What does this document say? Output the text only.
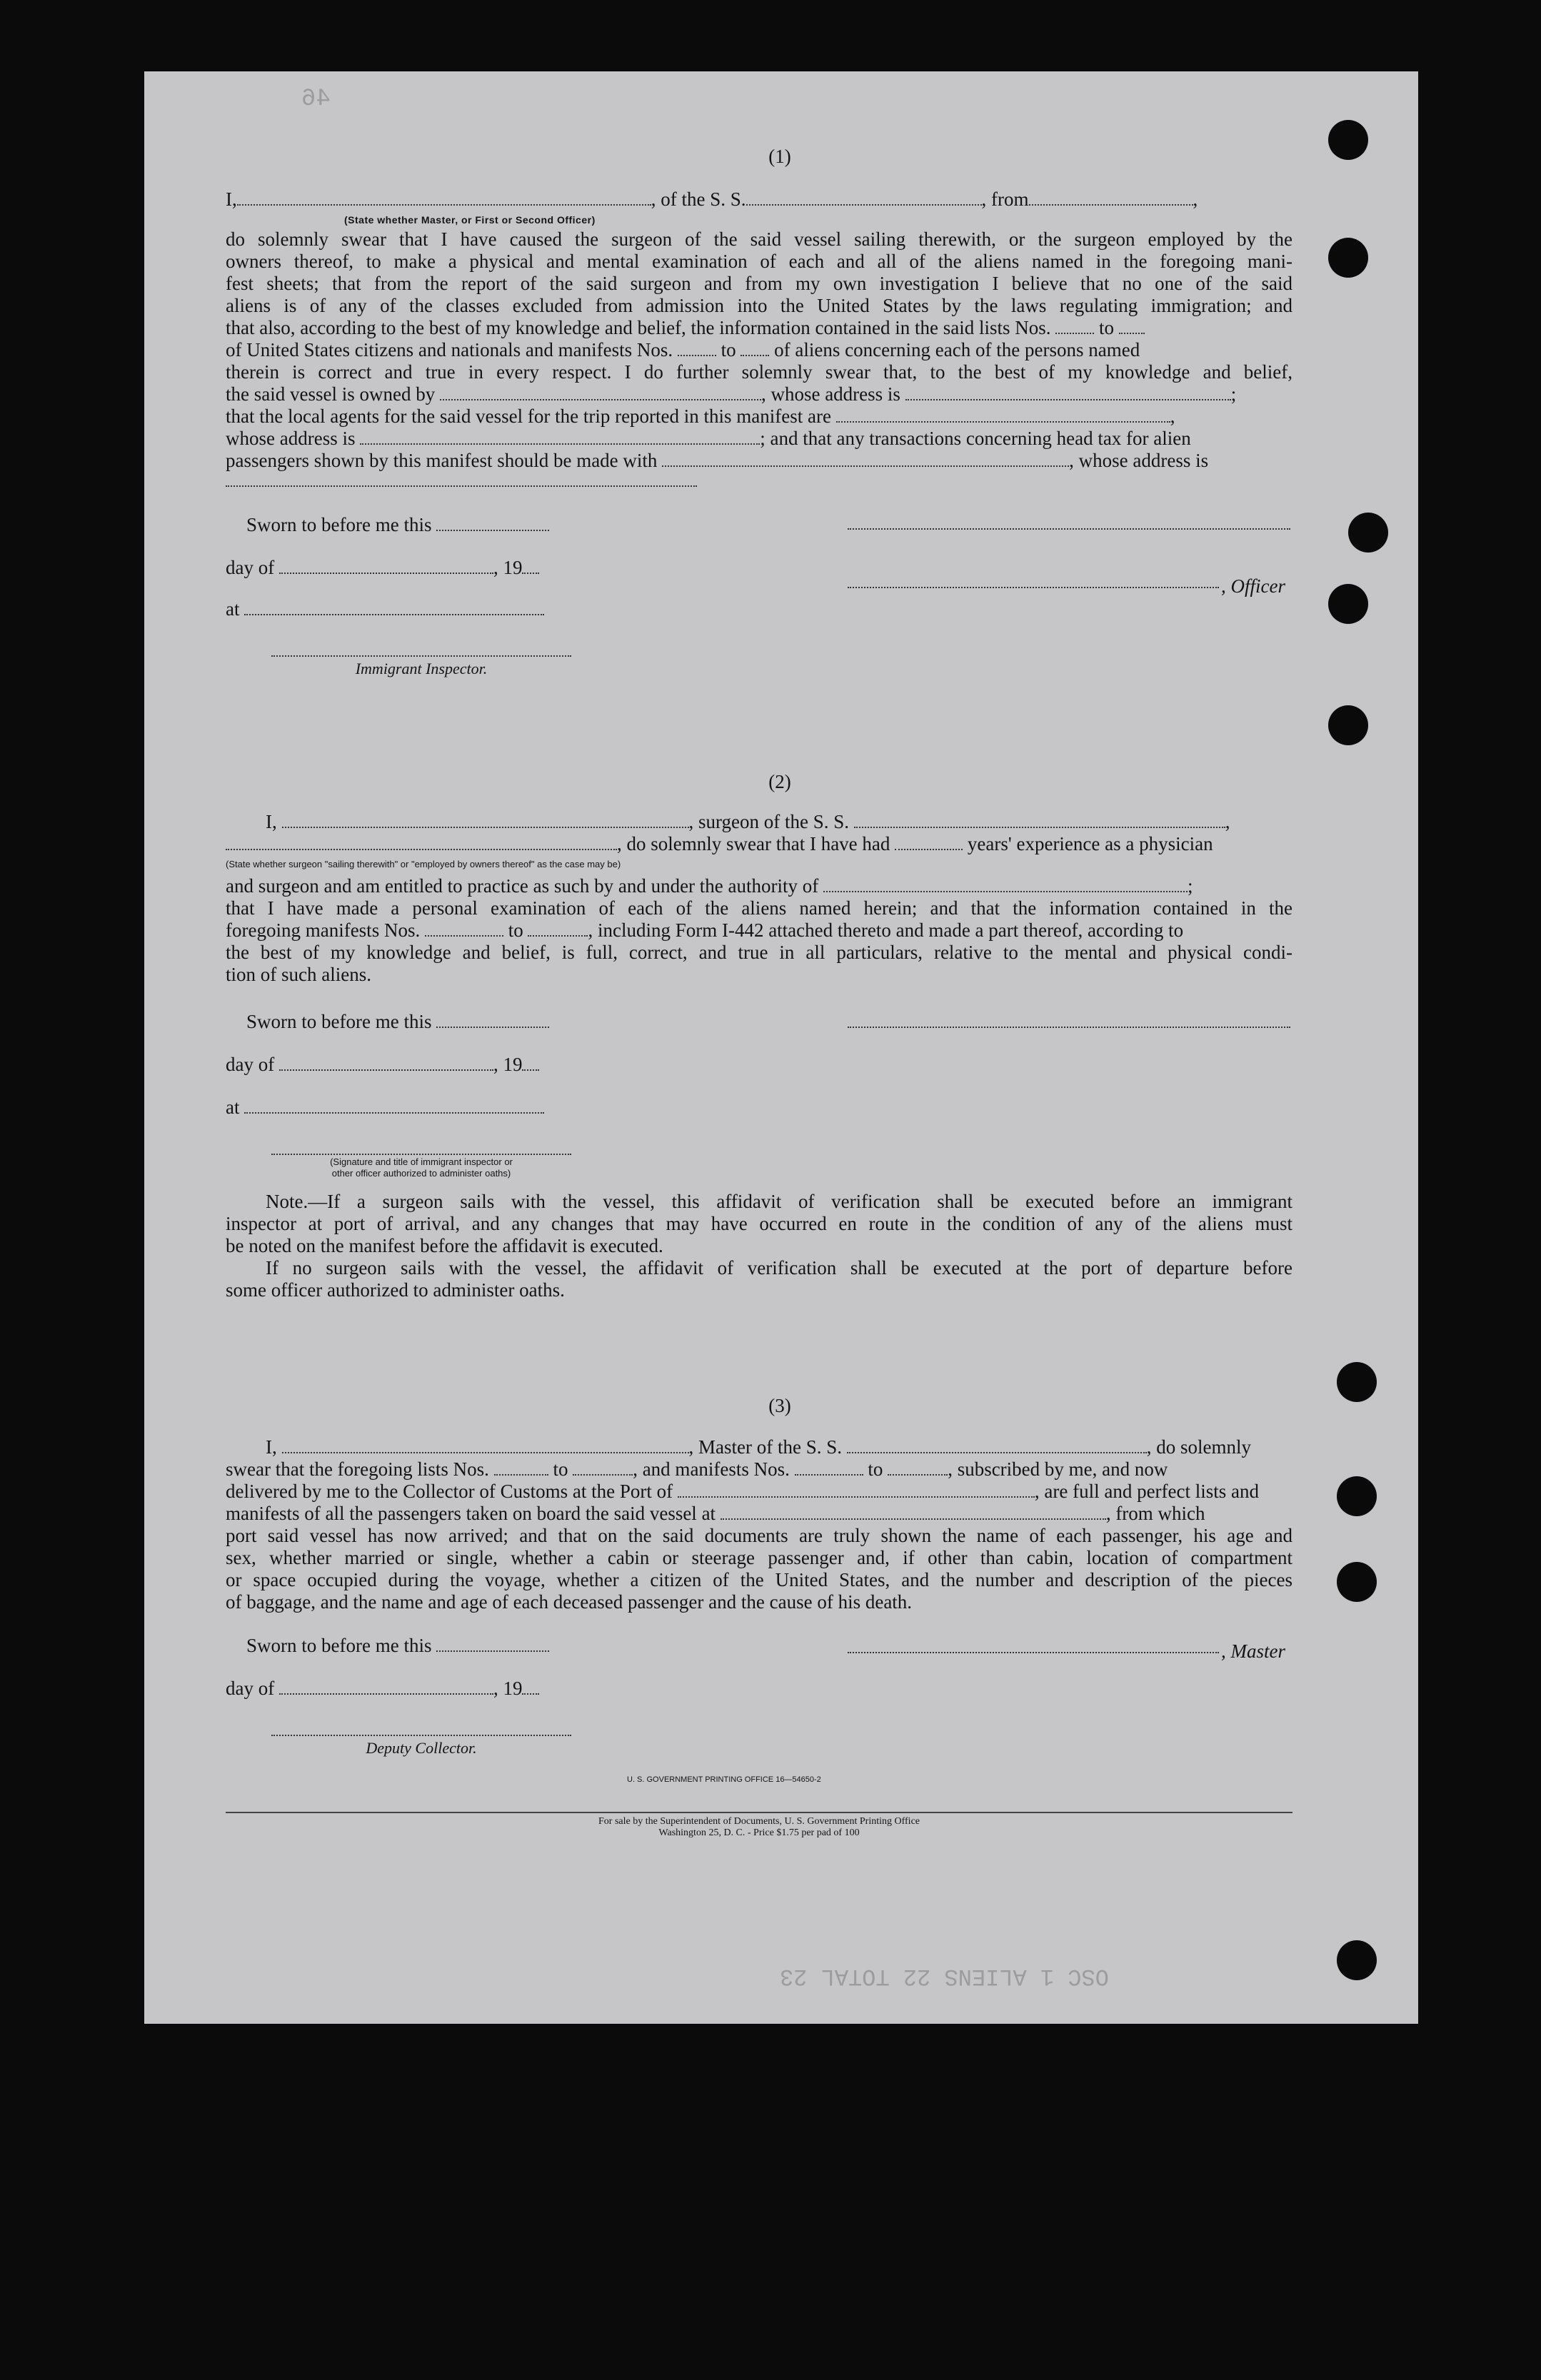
46
OSC 1 ALIENS 22 TOTAL 23
(1)
I,	, of the S. S.	, from	,
(State whether Master, or First or Second Officer)
do solemnly swear that I have caused the surgeon of the said vessel sailing therewith, or the surgeon employed by the
owners thereof, to make a physical and mental examination of each and all of the aliens named in the foregoing mani-
fest sheets; that from the report of the said surgeon and from my own investigation I believe that no one of the said
aliens is of any of the classes excluded from admission into the United States by the laws regulating immigration; and
that also, according to the best of my knowledge and belief, the information contained in the said lists Nos.	to
of United States citizens and nationals and manifests Nos.	to of aliens concerning each of the persons named
therein is correct and true in every respect. I do further solemnly swear that, to the best of my knowledge and belief,
the said vessel is owned by	, whose address is	;
that the local agents for the said vessel for the trip reported in this manifest are	,
whose address is	; and that any transactions concerning head tax for alien
passengers shown by this manifest should be made with	, whose address is
Sworn to before me this
day of	, 19
, Officer
at
Immigrant Inspector.
(2)
I,	, surgeon of the S. S.	,
, do solemnly swear that I have had	years' experience as a physician
(State whether surgeon "sailing therewith" or "employed by owners thereof" as the case may be)
and surgeon and am entitled to practice as such by and under the authority of	;
that I have made a personal examination of each of the aliens named herein; and that the information contained in the
foregoing manifests Nos.	to	, including Form I-442 attached thereto and made a part thereof, according to
the best of my knowledge and belief, is full, correct, and true in all particulars, relative to the mental and physical condi-
tion of such aliens.
Sworn to before me this
day of	, 19
at
(Signature and title of immigrant inspector or
other officer authorized to administer oaths)
Note.—If a surgeon sails with the vessel, this affidavit of verification shall be executed before an immigrant
inspector at port of arrival, and any changes that may have occurred en route in the condition of any of the aliens must
be noted on the manifest before the affidavit is executed.
If no surgeon sails with the vessel, the affidavit of verification shall be executed at the port of departure before
some officer authorized to administer oaths.
(3)
I,	, Master of the S. S.	, do solemnly
swear that the foregoing lists Nos.	to	, and manifests Nos.	to	, subscribed by me, and now
delivered by me to the Collector of Customs at the Port of	, are full and perfect lists and
manifests of all the passengers taken on board the said vessel at	, from which
port said vessel has now arrived; and that on the said documents are truly shown the name of each passenger, his age and
sex, whether married or single, whether a cabin or steerage passenger and, if other than cabin, location of compartment
or space occupied during the voyage, whether a citizen of the United States, and the number and description of the pieces
of baggage, and the name and age of each deceased passenger and the cause of his death.
Sworn to before me this	, Master
day of	, 19
Deputy Collector.
U. S. GOVERNMENT PRINTING OFFICE 16—54650-2
For sale by the Superintendent of Documents, U. S. Government Printing Office
Washington 25, D. C. - Price $1.75 per pad of 100
